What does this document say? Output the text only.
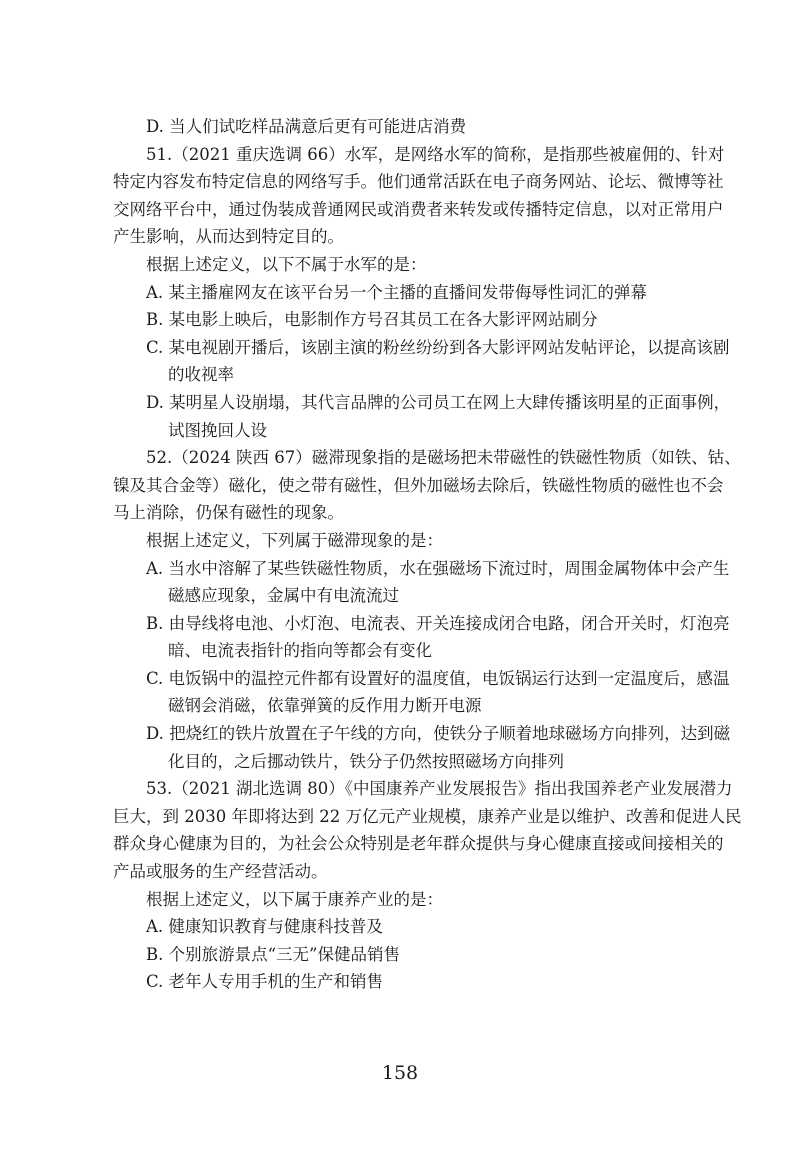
D. 当人们试吃样品满意后更有可能进店消费
51.（2021 重庆选调 66）水军，是网络水军的简称，是指那些被雇佣的、针对
特定内容发布特定信息的网络写手。他们通常活跃在电子商务网站、论坛、微博等社
交网络平台中，通过伪装成普通网民或消费者来转发或传播特定信息，以对正常用户
产生影响，从而达到特定目的。
根据上述定义，以下不属于水军的是：
A. 某主播雇网友在该平台另一个主播的直播间发带侮辱性词汇的弹幕
B. 某电影上映后，电影制作方号召其员工在各大影评网站刷分
C. 某电视剧开播后，该剧主演的粉丝纷纷到各大影评网站发帖评论，以提高该剧
的收视率
D. 某明星人设崩塌，其代言品牌的公司员工在网上大肆传播该明星的正面事例，
试图挽回人设
52.（2024 陕西 67）磁滞现象指的是磁场把未带磁性的铁磁性物质（如铁、钴、
镍及其合金等）磁化，使之带有磁性，但外加磁场去除后，铁磁性物质的磁性也不会
马上消除，仍保有磁性的现象。
根据上述定义，下列属于磁滞现象的是：
A. 当水中溶解了某些铁磁性物质，水在强磁场下流过时，周围金属物体中会产生
磁感应现象，金属中有电流流过
B. 由导线将电池、小灯泡、电流表、开关连接成闭合电路，闭合开关时，灯泡亮
暗、电流表指针的指向等都会有变化
C. 电饭锅中的温控元件都有设置好的温度值，电饭锅运行达到一定温度后，感温
磁钢会消磁，依靠弹簧的反作用力断开电源
D. 把烧红的铁片放置在子午线的方向，使铁分子顺着地球磁场方向排列，达到磁
化目的，之后挪动铁片，铁分子仍然按照磁场方向排列
53.（2021 湖北选调 80）《中国康养产业发展报告》指出我国养老产业发展潜力
巨大，到 2030 年即将达到 22 万亿元产业规模，康养产业是以维护、改善和促进人民
群众身心健康为目的，为社会公众特别是老年群众提供与身心健康直接或间接相关的
产品或服务的生产经营活动。
根据上述定义，以下属于康养产业的是：
A. 健康知识教育与健康科技普及
B. 个别旅游景点“三无”保健品销售
C. 老年人专用手机的生产和销售
158
